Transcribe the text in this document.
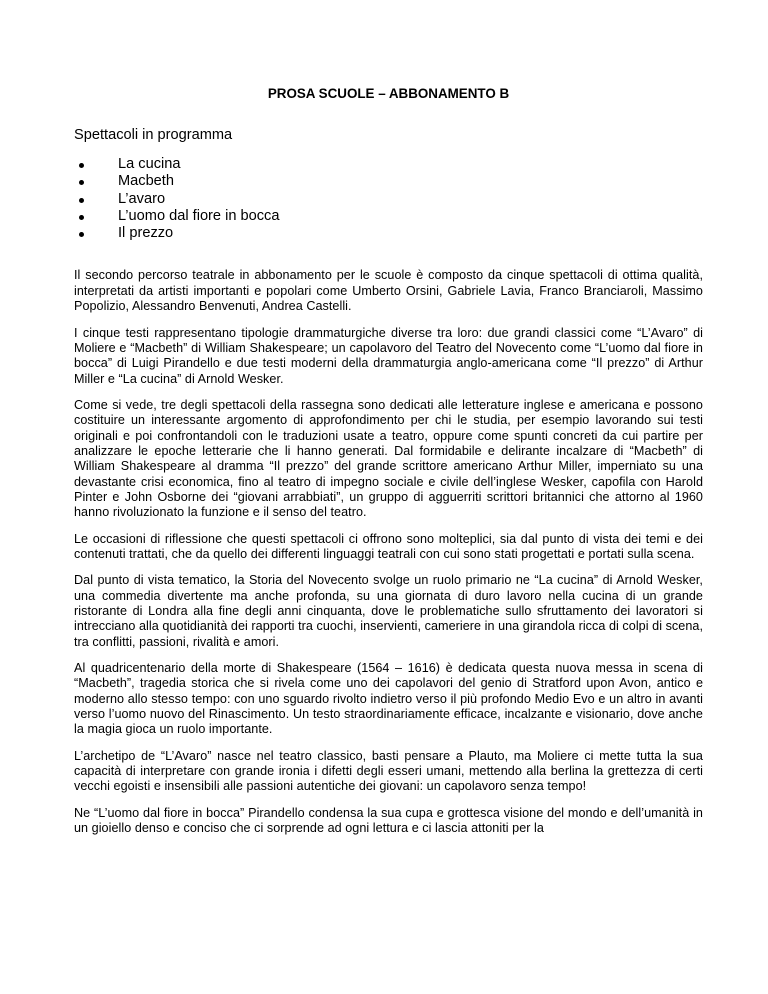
PROSA SCUOLE – ABBONAMENTO B
Spettacoli in programma
La cucina
Macbeth
L’avaro
L’uomo dal fiore in bocca
Il prezzo

Il secondo percorso teatrale in abbonamento per le scuole è composto da cinque spettacoli di ottima qualità, interpretati da artisti importanti e popolari come Umberto Orsini, Gabriele Lavia, Franco Branciaroli, Massimo Popolizio, Alessandro Benvenuti, Andrea Castelli.

I cinque testi rappresentano tipologie drammaturgiche diverse tra loro: due grandi classici come “L’Avaro” di Moliere e “Macbeth” di William Shakespeare; un capolavoro del Teatro del Novecento come “L’uomo dal fiore in bocca” di Luigi Pirandello e due testi moderni della drammaturgia anglo-americana come “Il prezzo” di Arthur Miller e “La cucina” di Arnold Wesker.

Come si vede, tre degli spettacoli della rassegna sono dedicati alle letterature inglese e americana e possono costituire un interessante argomento di approfondimento per chi le studia, per esempio lavorando sui testi originali e poi confrontandoli con le traduzioni usate a teatro, oppure come spunti concreti da cui partire per analizzare le epoche letterarie che li hanno generati. Dal formidabile e delirante incalzare di “Macbeth” di William Shakespeare al dramma “Il prezzo” del grande scrittore americano Arthur Miller, imperniato su una devastante crisi economica, fino al teatro di impegno sociale e civile dell’inglese Wesker, capofila con Harold Pinter e John Osborne dei “giovani arrabbiati”, un gruppo di agguerriti scrittori britannici che attorno al 1960 hanno rivoluzionato la funzione e il senso del teatro.

Le occasioni di riflessione che questi spettacoli ci offrono sono molteplici, sia dal punto di vista dei temi e dei contenuti trattati, che da quello dei differenti linguaggi teatrali con cui sono stati progettati e portati sulla scena.

Dal punto di vista tematico, la Storia del Novecento svolge un ruolo primario ne “La cucina” di Arnold Wesker, una commedia divertente ma anche profonda, su una giornata di duro lavoro nella cucina di un grande ristorante di Londra alla fine degli anni cinquanta, dove le problematiche sullo sfruttamento dei lavoratori si intrecciano alla quotidianità dei rapporti tra cuochi, inservienti, cameriere in una girandola ricca di colpi di scena, tra conflitti, passioni, rivalità e amori.

Al quadricentenario della morte di Shakespeare (1564 – 1616) è dedicata questa nuova messa in scena di “Macbeth”, tragedia storica che si rivela come uno dei capolavori del genio di Stratford upon Avon, antico e moderno allo stesso tempo: con uno sguardo rivolto indietro verso il più profondo Medio Evo e un altro in avanti verso l’uomo nuovo del Rinascimento. Un testo straordinariamente efficace, incalzante e visionario, dove anche la magia gioca un ruolo importante.

L’archetipo de “L’Avaro” nasce nel teatro classico, basti pensare a Plauto, ma Moliere ci mette tutta la sua capacità di interpretare con grande ironia i difetti degli esseri umani, mettendo alla berlina la grettezza di certi vecchi egoisti e insensibili alle passioni autentiche dei giovani: un capolavoro senza tempo!

Ne “L’uomo dal fiore in bocca” Pirandello condensa la sua cupa e grottesca visione del mondo e dell’umanità in un gioiello denso e conciso che ci sorprende ad ogni lettura e ci lascia attoniti per la
